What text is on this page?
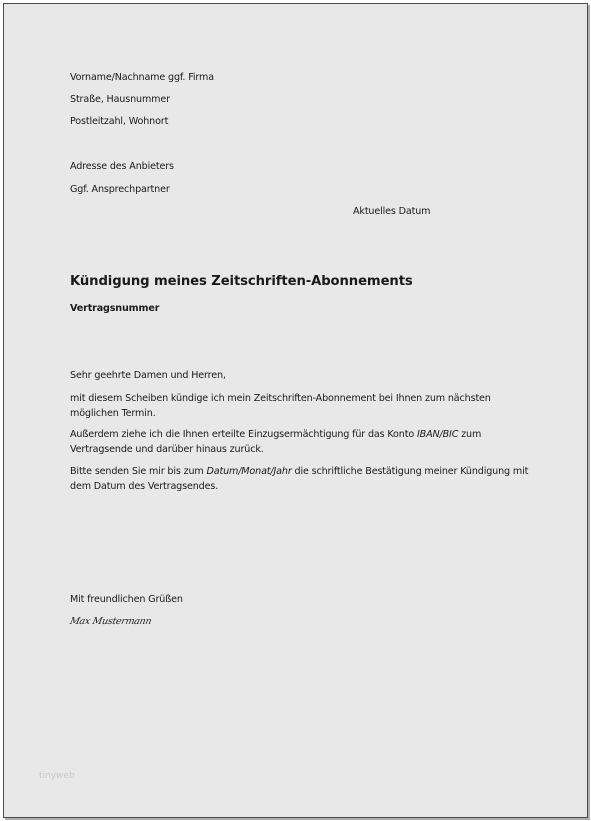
Vorname/Nachname ggf. Firma
Straße, Hausnummer
Postleitzahl, Wohnort
Adresse des Anbieters
Ggf. Ansprechpartner
Aktuelles Datum
Kündigung meines Zeitschriften-Abonnements
Vertragsnummer
Sehr geehrte Damen und Herren,
mit diesem Scheiben kündige ich mein Zeitschriften-Abonnement bei Ihnen zum nächsten möglichen Termin.
Außerdem ziehe ich die Ihnen erteilte Einzugsermächtigung für das Konto IBAN/BIC zum Vertragsende und darüber hinaus zurück.
Bitte senden Sie mir bis zum Datum/Monat/Jahr die schriftliche Bestätigung meiner Kündigung mit dem Datum des Vertragsendes.
Mit freundlichen Grüßen
Max Mustermann
tinyweb
